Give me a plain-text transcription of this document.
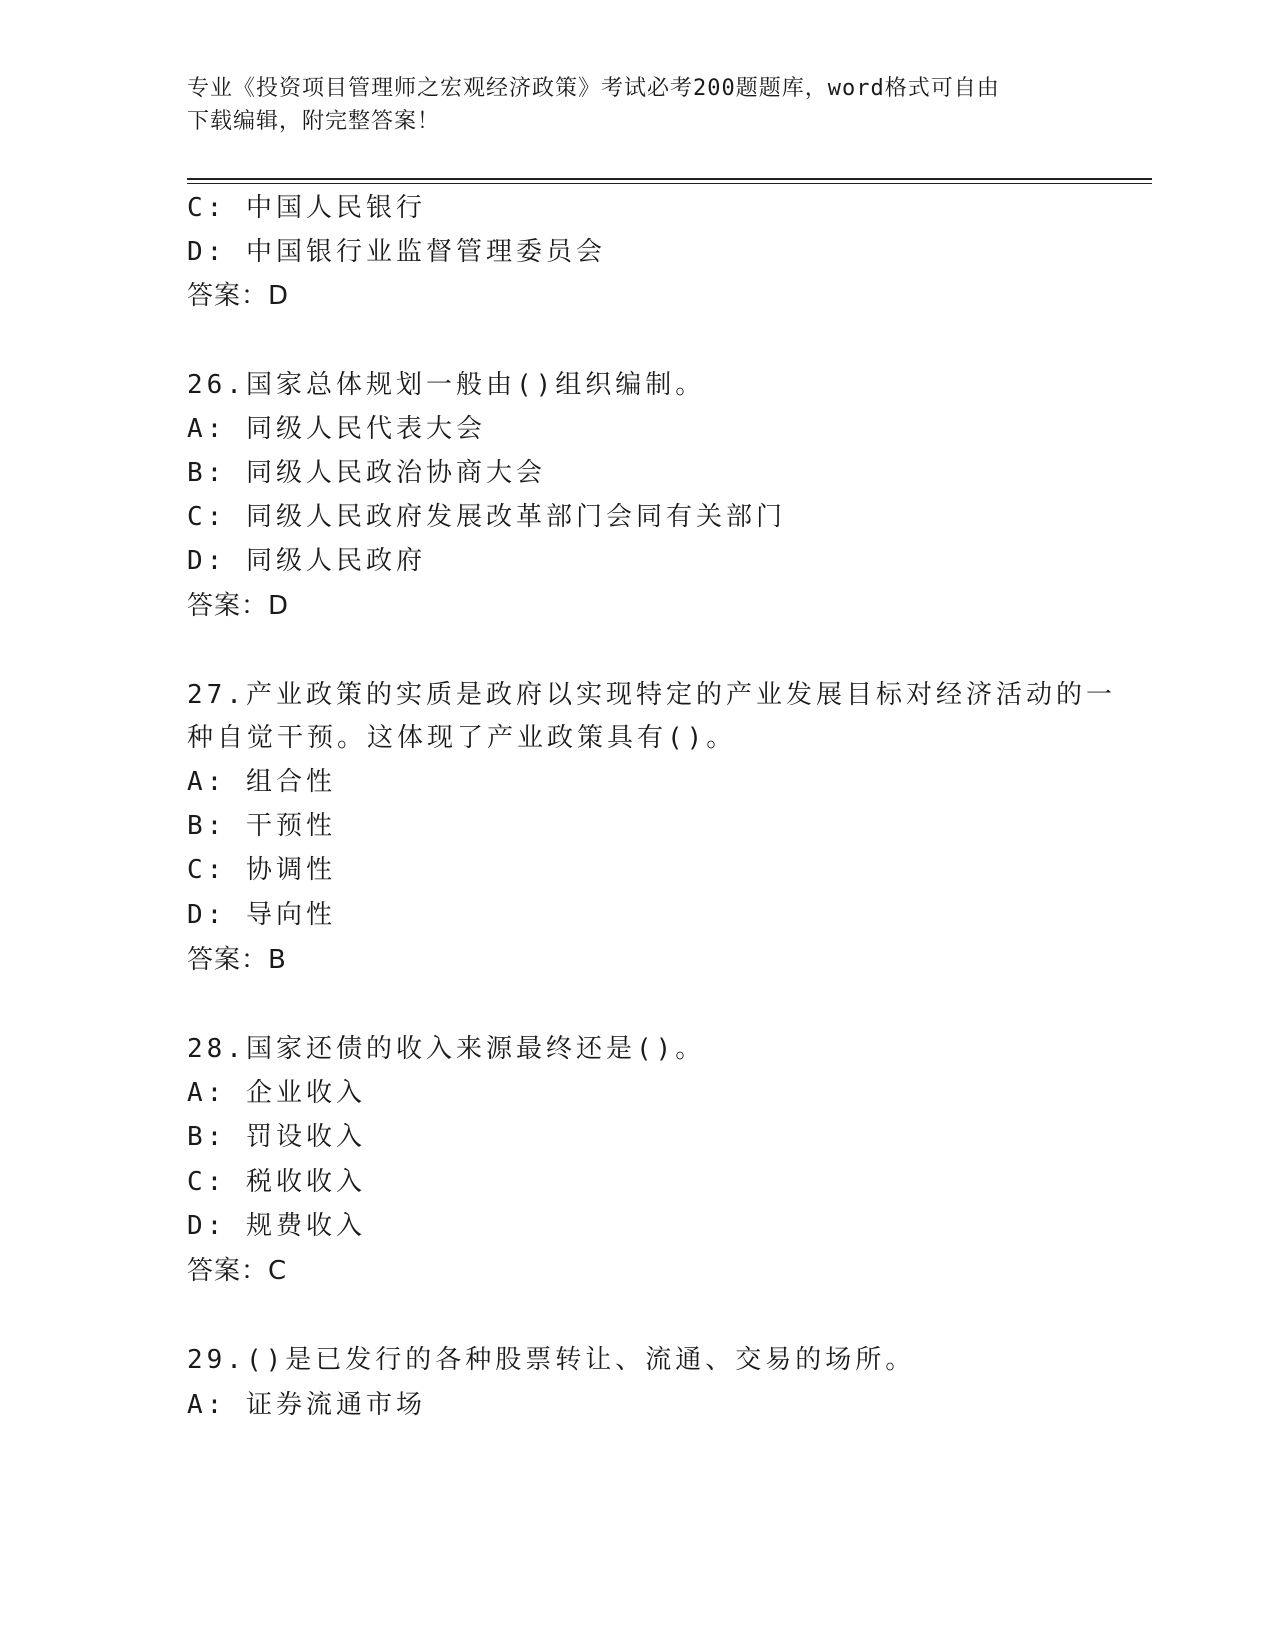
专业《投资项目管理师之宏观经济政策》考试必考200题题库，word格式可自由
下载编辑，附完整答案！
C: 中国人民银行
D: 中国银行业监督管理委员会
答案：D
26.国家总体规划一般由()组织编制。
A: 同级人民代表大会
B: 同级人民政治协商大会
C: 同级人民政府发展改革部门会同有关部门
D: 同级人民政府
答案：D
27.产业政策的实质是政府以实现特定的产业发展目标对经济活动的一
种自觉干预。这体现了产业政策具有()。
A: 组合性
B: 干预性
C: 协调性
D: 导向性
答案：B
28.国家还债的收入来源最终还是()。
A: 企业收入
B: 罚设收入
C: 税收收入
D: 规费收入
答案：C
29.()是已发行的各种股票转让、流通、交易的场所。
A: 证券流通市场
